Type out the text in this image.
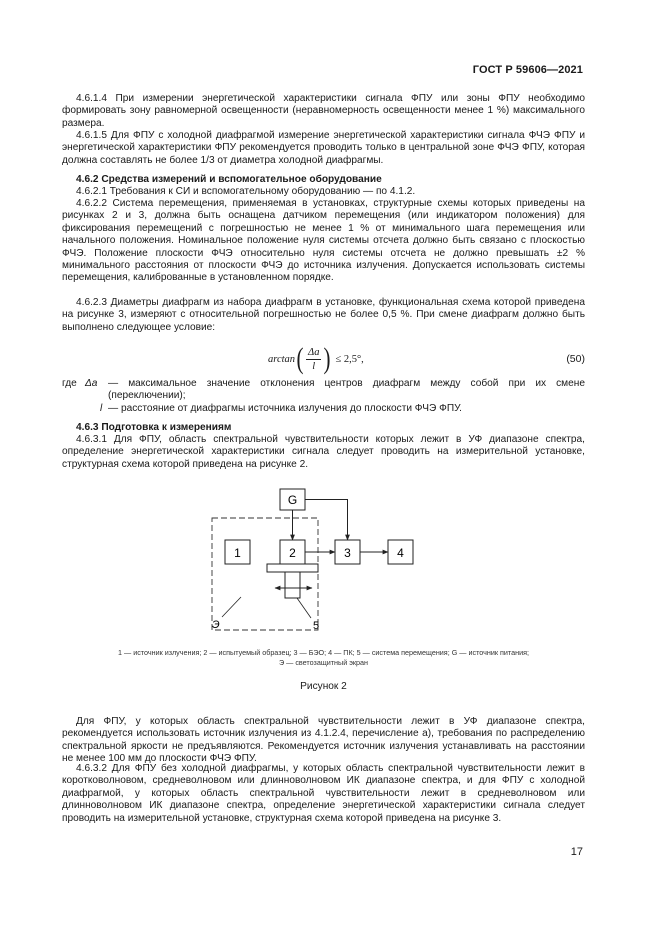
ГОСТ Р 59606—2021

4.6.1.4 При измерении энергетической характеристики сигнала ФПУ или зоны ФПУ необходимо формировать зону равномерной освещенности (неравномерность освещенности менее 1 %) максимального размера.

4.6.1.5 Для ФПУ с холодной диафрагмой измерение энергетической характеристики сигнала ФЧЭ ФПУ и энергетической характеристики ФПУ рекомендуется проводить только в центральной зоне ФЧЭ ФПУ, которая должна составлять не более 1/3 от диаметра холодной диафрагмы.

4.6.2 Средства измерений и вспомогательное оборудование

4.6.2.1 Требования к СИ и вспомогательному оборудованию — по 4.1.2.

4.6.2.2 Система перемещения, применяемая в установках, структурные схемы которых приведены на рисунках 2 и 3, должна быть оснащена датчиком перемещения (или индикатором положения) для фиксирования перемещений с погрешностью не менее 1 % от минимального шага перемещения или начального положения. Номинальное положение нуля системы отсчета должно быть связано с плоскостью ФЧЭ. Положение плоскости ФЧЭ относительно нуля системы отсчета не должно превышать ±2 % минимального расстояния от плоскости ФЧЭ до источника излучения. Допускается использовать системы перемещения, калиброванные в установленном порядке.

4.6.2.3 Диаметры диафрагм из набора диафрагм в установке, функциональная схема которой приведена на рисунке 3, измеряют с относительной погрешностью не более 0,5 %. При смене диафрагм должно быть выполнено следующее условие:

arctan ( $\frac{\Delta a}{l}$ ) ≤ 2,5°,	(50)
где Δa — максимальное значение отклонения центров диафрагм между собой при их смене (переключении);
l — расстояние от диафрагмы источника излучения до плоскости ФЧЭ ФПУ.

4.6.3 Подготовка к измерениям

4.6.3.1 Для ФПУ, область спектральной чувствительности которых лежит в УФ диапазоне спектра, определение энергетической характеристики сигнала следует проводить на измерительной установке, структурная схема которой приведена на рисунке 2.

G
1	2	3	4
5
Э
1 — источник излучения; 2 — испытуемый образец; 3 — БЭО; 4 — ПК; 5 — система перемещения; G — источник питания;
Э — светозащитный экран
Рисунок 2

Для ФПУ, у которых область спектральной чувствительности лежит в УФ диапазоне спектра, рекомендуется использовать источник излучения из 4.1.2.4, перечисление а), требования по распределению спектральной яркости не предъявляются. Рекомендуется источник излучения устанавливать на расстоянии не менее 100 мм до плоскости ФЧЭ ФПУ.

4.6.3.2 Для ФПУ без холодной диафрагмы, у которых область спектральной чувствительности лежит в коротковолновом, средневолновом или длинноволновом ИК диапазоне спектра, и для ФПУ с холодной диафрагмой, у которых область спектральной чувствительности лежит в средневолновом или длинноволновом ИК диапазоне спектра, определение энергетической характеристики сигнала следует проводить на измерительной установке, структурная схема которой приведена на рисунке 3.

17
